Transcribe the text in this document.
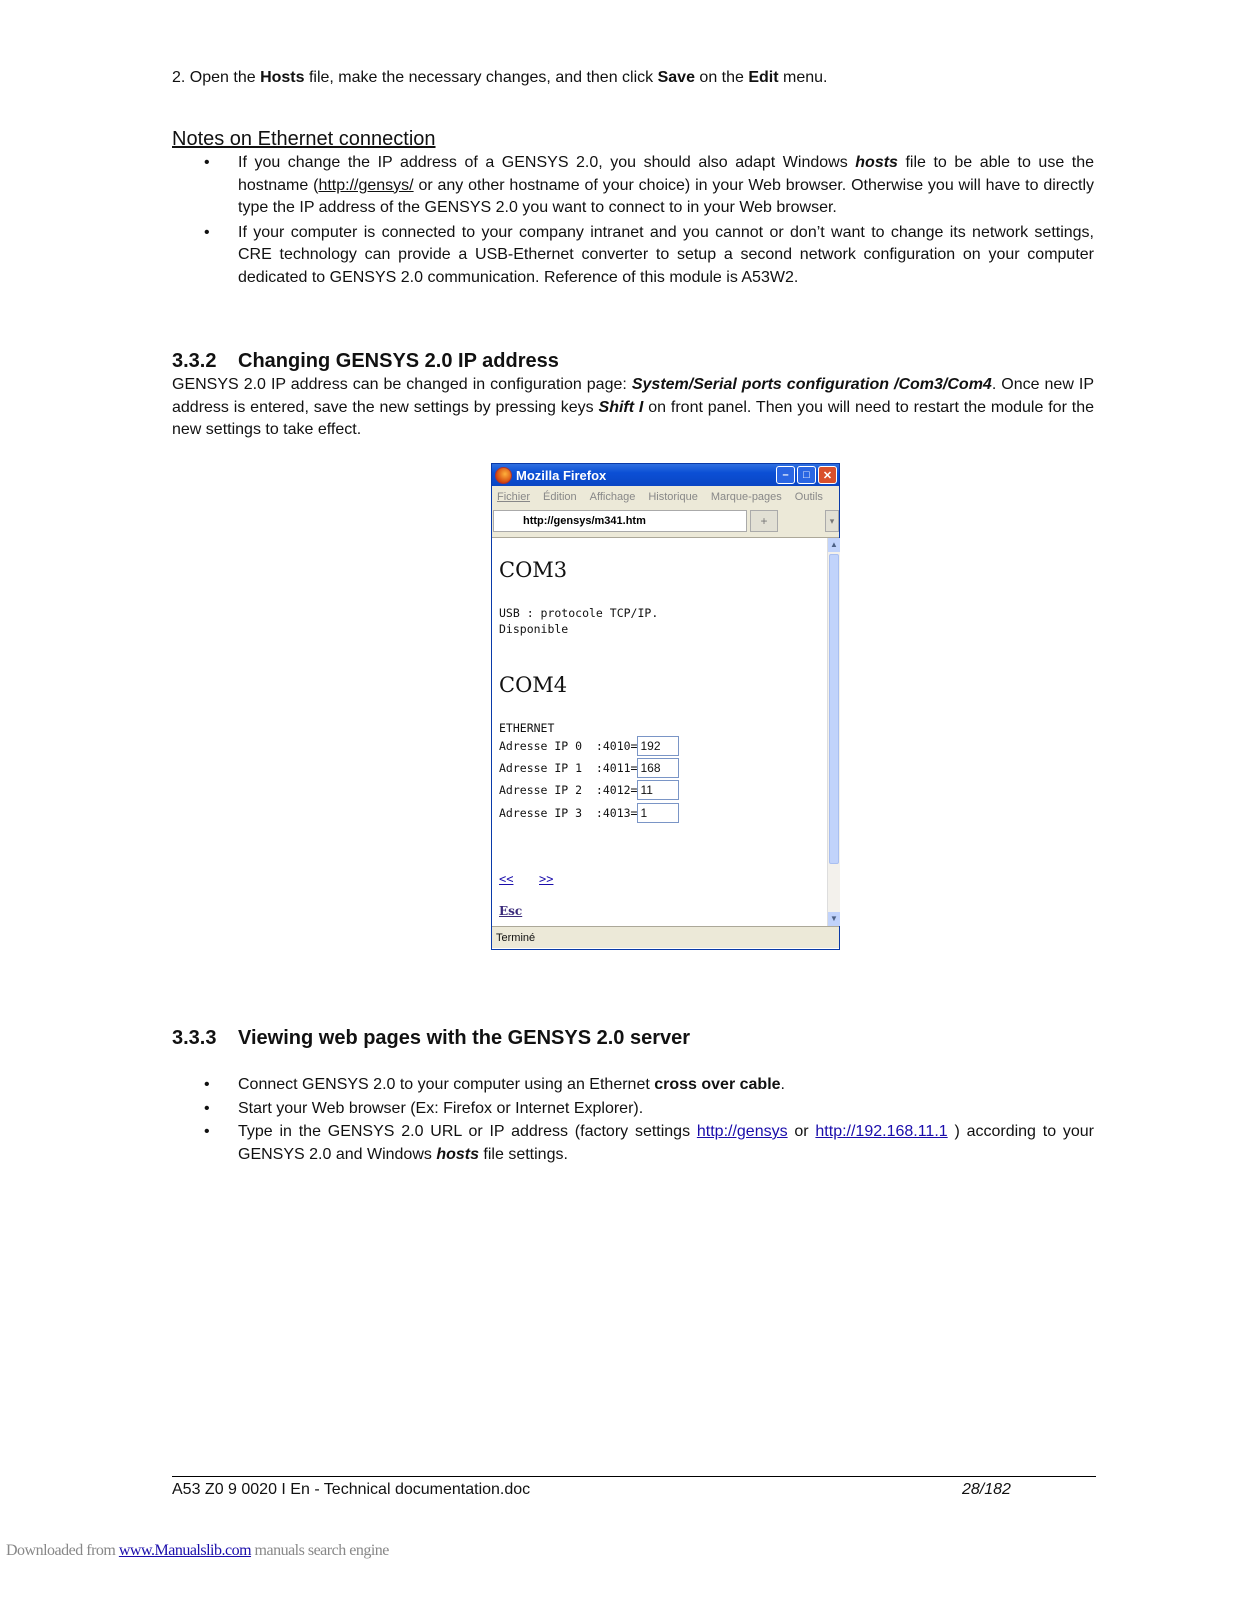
2. Open the Hosts file, make the necessary changes, and then click Save on the Edit menu.
Notes on Ethernet connection
• If you change the IP address of a GENSYS 2.0, you should also adapt Windows hosts file to be able to use the hostname (http://gensys/ or any other hostname of your choice) in your Web browser. Otherwise you will have to directly type the IP address of the GENSYS 2.0 you want to connect to in your Web browser.
• If your computer is connected to your company intranet and you cannot or don’t want to change its network settings, CRE technology can provide a USB-Ethernet converter to setup a second network configuration on your computer dedicated to GENSYS 2.0 communication. Reference of this module is A53W2.
3.3.2 Changing GENSYS 2.0 IP address
GENSYS 2.0 IP address can be changed in configuration page: System/Serial ports configuration /Com3/Com4. Once new IP address is entered, save the new settings by pressing keys Shift I on front panel. Then you will need to restart the module for the new settings to take effect.
Mozilla Firefox	–	□	✕
Fichier Édition Affichage Historique Marque-pages Outils
http://gensys/m341.htm	+	▾
COM3
USB : protocole TCP/IP.
Disponible
COM4
ETHERNET
Adresse IP 0  :4010= 192
Adresse IP 1  :4011= 168
Adresse IP 2  :4012= 11
Adresse IP 3  :4013= 1
<< >>
Esc
▲
▼
Terminé
3.3.3 Viewing web pages with the GENSYS 2.0 server
• Connect GENSYS 2.0 to your computer using an Ethernet cross over cable.
• Start your Web browser (Ex: Firefox or Internet Explorer).
• Type in the GENSYS 2.0 URL or IP address (factory settings http://gensys or http://192.168.11.1 ) according to your GENSYS 2.0 and Windows hosts file settings.
A53 Z0 9 0020 I En - Technical documentation.doc	28/182
Downloaded from www.Manualslib.com manuals search engine
